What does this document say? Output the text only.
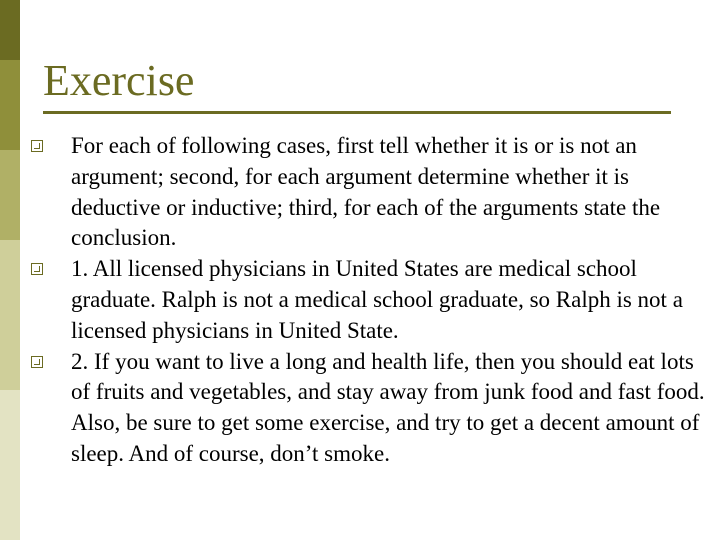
Exercise
For each of following cases, first tell whether it is or is not an argument; second, for each argument determine whether it is deductive or inductive; third, for each of the arguments state the conclusion.
1. All licensed physicians in United States are medical school graduate. Ralph is not a medical school graduate, so Ralph is not a licensed physicians in United State.
2. If you want to live a long and health life, then you should eat lots of fruits and vegetables, and stay away from junk food and fast food. Also, be sure to get some exercise, and try to get a decent amount of sleep. And of course, don’t smoke.
